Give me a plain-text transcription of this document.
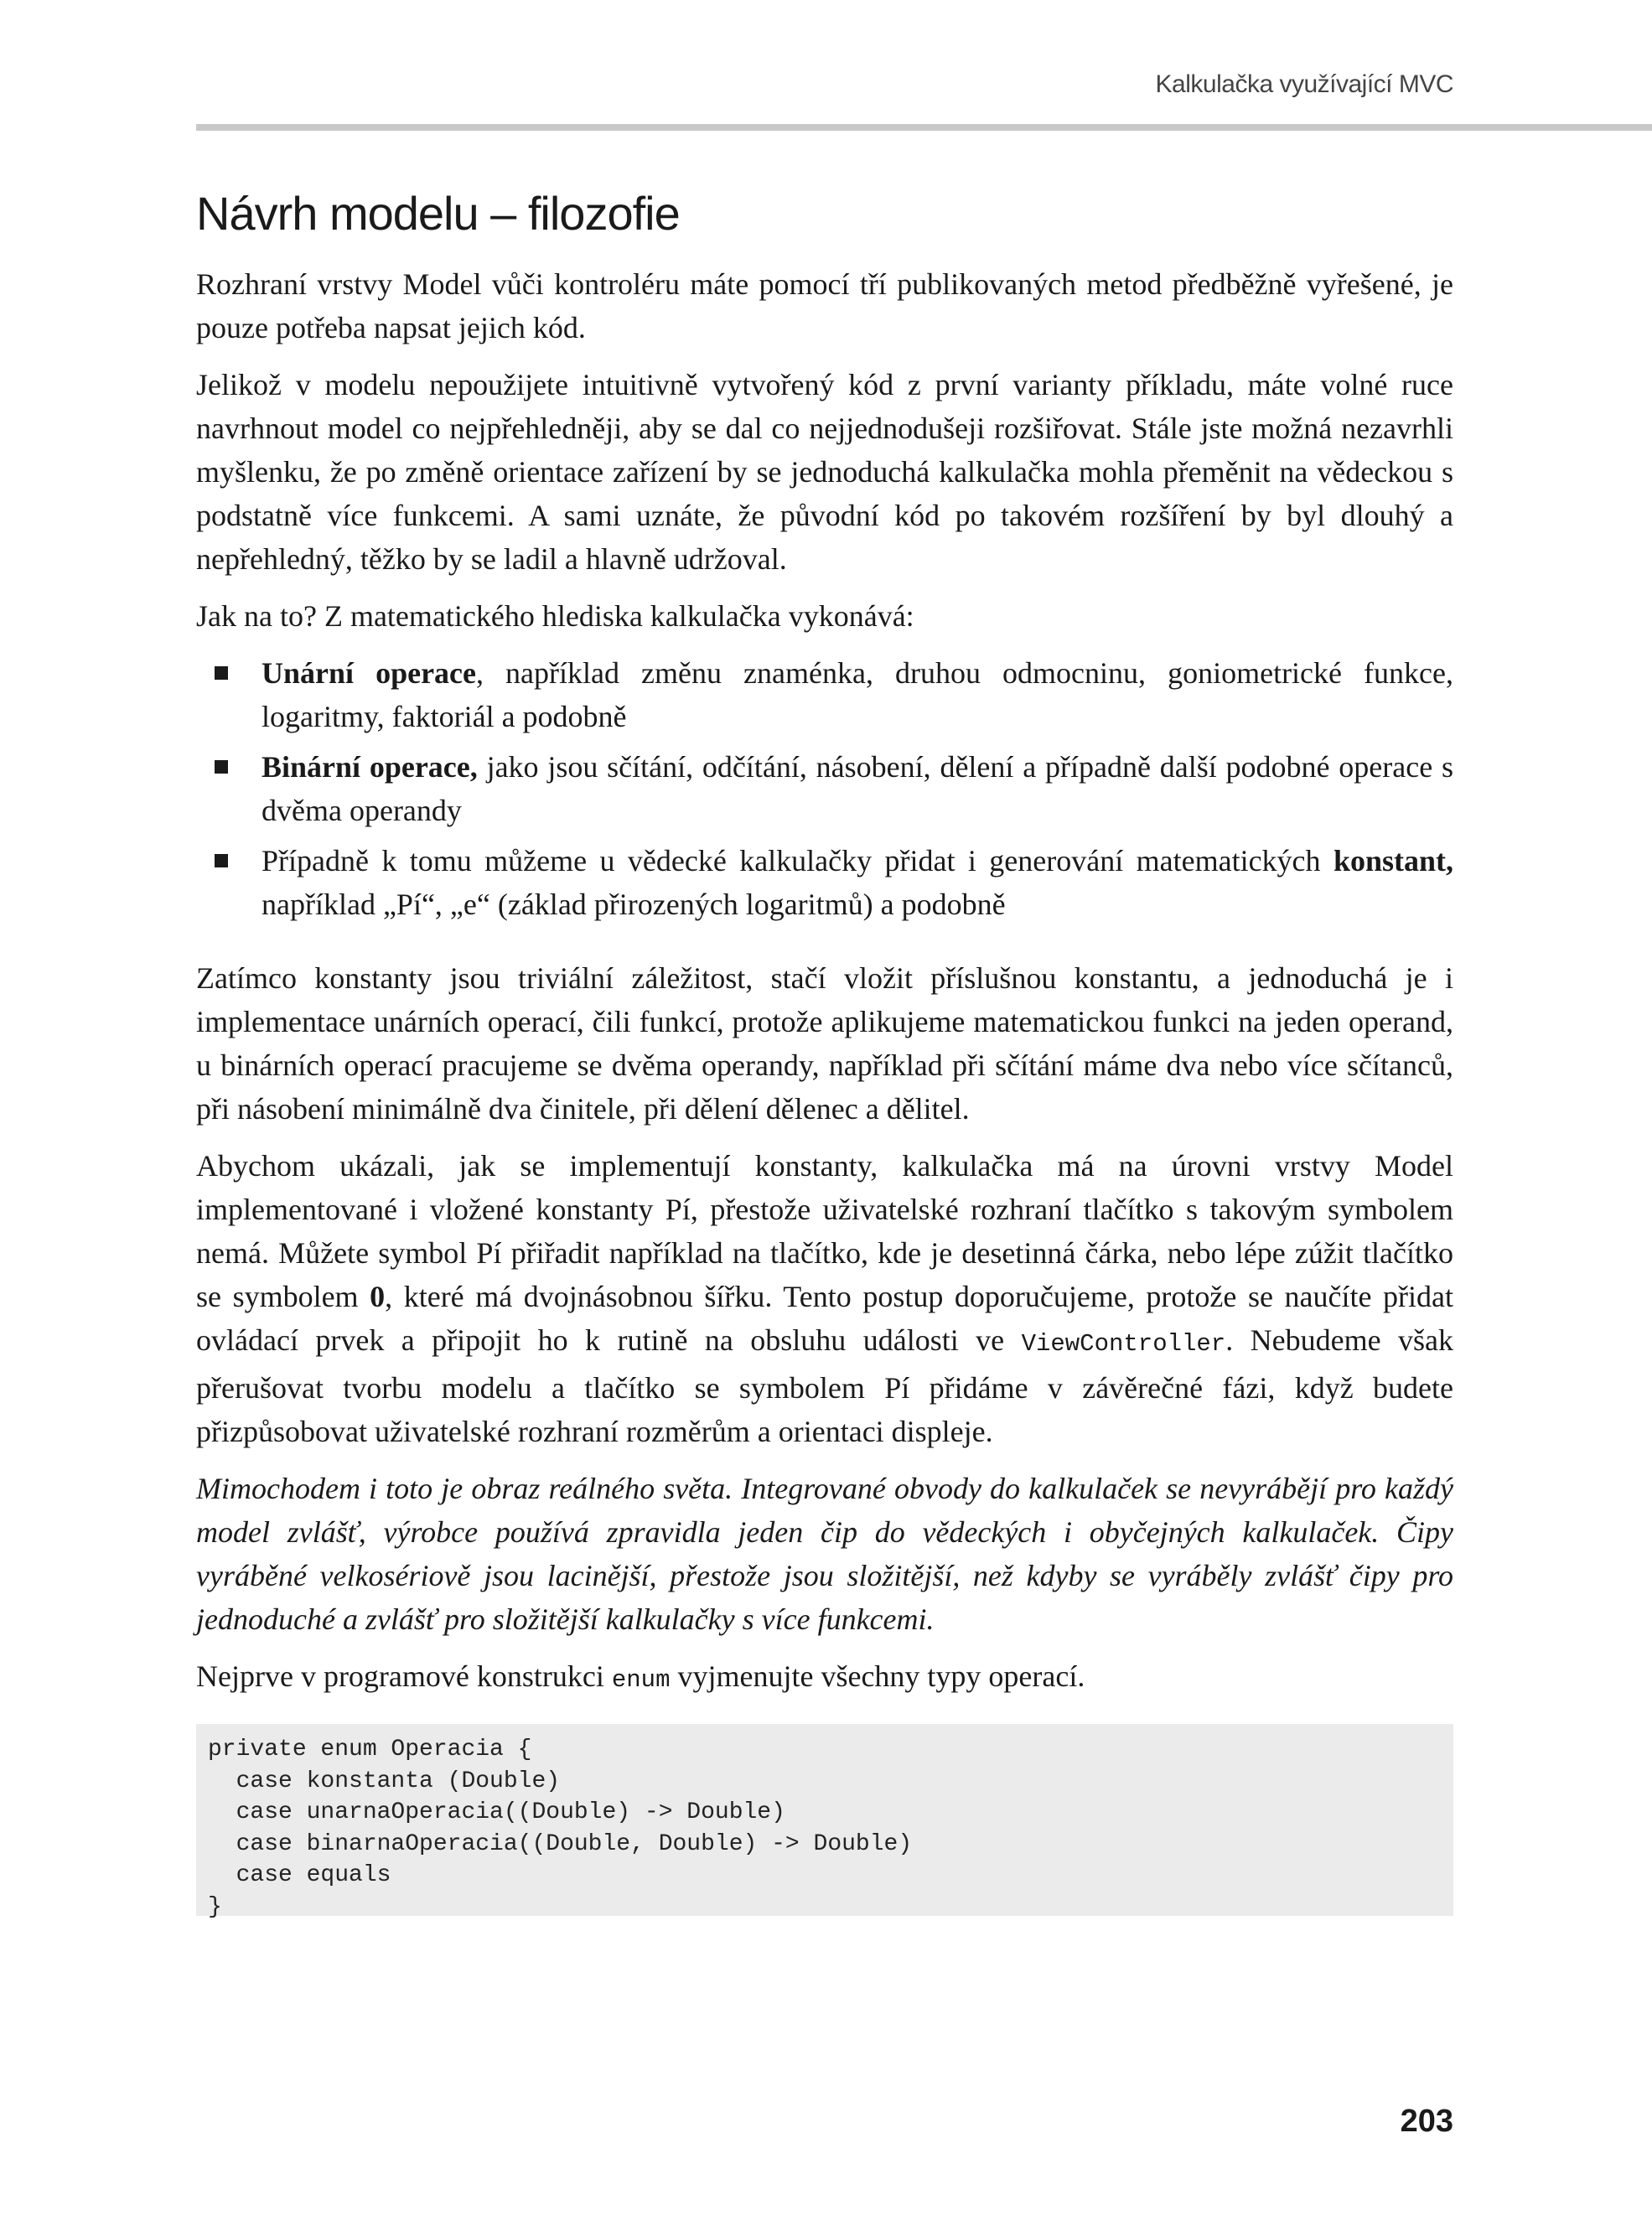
Kalkulačka využívající MVC
Návrh modelu – filozofie

Rozhraní vrstvy Model vůči kontroléru máte pomocí tří publikovaných metod předběžně vyřešené, je pouze potřeba napsat jejich kód.

Jelikož v modelu nepoužijete intuitivně vytvořený kód z první varianty příkladu, máte volné ruce navrhnout model co nejpřehledněji, aby se dal co nejjednodušeji rozšiřovat. Stále jste možná nezavrhli myšlenku, že po změně orientace zařízení by se jednoduchá kalkulačka mohla přeměnit na vědeckou s podstatně více funkcemi. A sami uznáte, že původní kód po takovém rozšíření by byl dlouhý a nepřehledný, těžko by se ladil a hlavně udržoval.

Jak na to? Z matematického hlediska kalkulačka vykonává:

Unární operace, například změnu znaménka, druhou odmocninu, goniometrické funkce, logaritmy, faktoriál a podobně
Binární operace, jako jsou sčítání, odčítání, násobení, dělení a případně další podobné operace s dvěma operandy
Případně k tomu můžeme u vědecké kalkulačky přidat i generování matematických konstant, například „Pí“, „e“ (základ přirozených logaritmů) a podobně

Zatímco konstanty jsou triviální záležitost, stačí vložit příslušnou konstantu, a jednoduchá je i implementace unárních operací, čili funkcí, protože aplikujeme matematickou funkci na jeden operand, u binárních operací pracujeme se dvěma operandy, například při sčítání máme dva nebo více sčítanců, při násobení minimálně dva činitele, při dělení dělenec a dělitel.

Abychom ukázali, jak se implementují konstanty, kalkulačka má na úrovni vrstvy Model implementované i vložené konstanty Pí, přestože uživatelské rozhraní tlačítko s takovým symbolem nemá. Můžete symbol Pí přiřadit například na tlačítko, kde je desetinná čárka, nebo lépe zúžit tlačítko se symbolem 0, které má dvojnásobnou šířku. Tento postup doporučujeme, protože se naučíte přidat ovládací prvek a připojit ho k rutině na obsluhu události ve ViewController. Nebudeme však přerušovat tvorbu modelu a tlačítko se symbolem Pí přidáme v závěrečné fázi, když budete přizpůsobovat uživatelské rozhraní rozměrům a orientaci displeje.

Mimochodem i toto je obraz reálného světa. Integrované obvody do kalkulaček se nevyrábějí pro každý model zvlášť, výrobce používá zpravidla jeden čip do vědeckých i obyčejných kalkulaček. Čipy vyráběné velkosériově jsou lacinější, přestože jsou složitější, než kdyby se vyráběly zvlášť čipy pro jednoduché a zvlášť pro složitější kalkulačky s více funkcemi.

Nejprve v programové konstrukci enum vyjmenujte všechny typy operací.

private enum Operacia {
case konstanta (Double)
case unarnaOperacia((Double) -> Double)
case binarnaOperacia((Double, Double) -> Double)
case equals
}
203
